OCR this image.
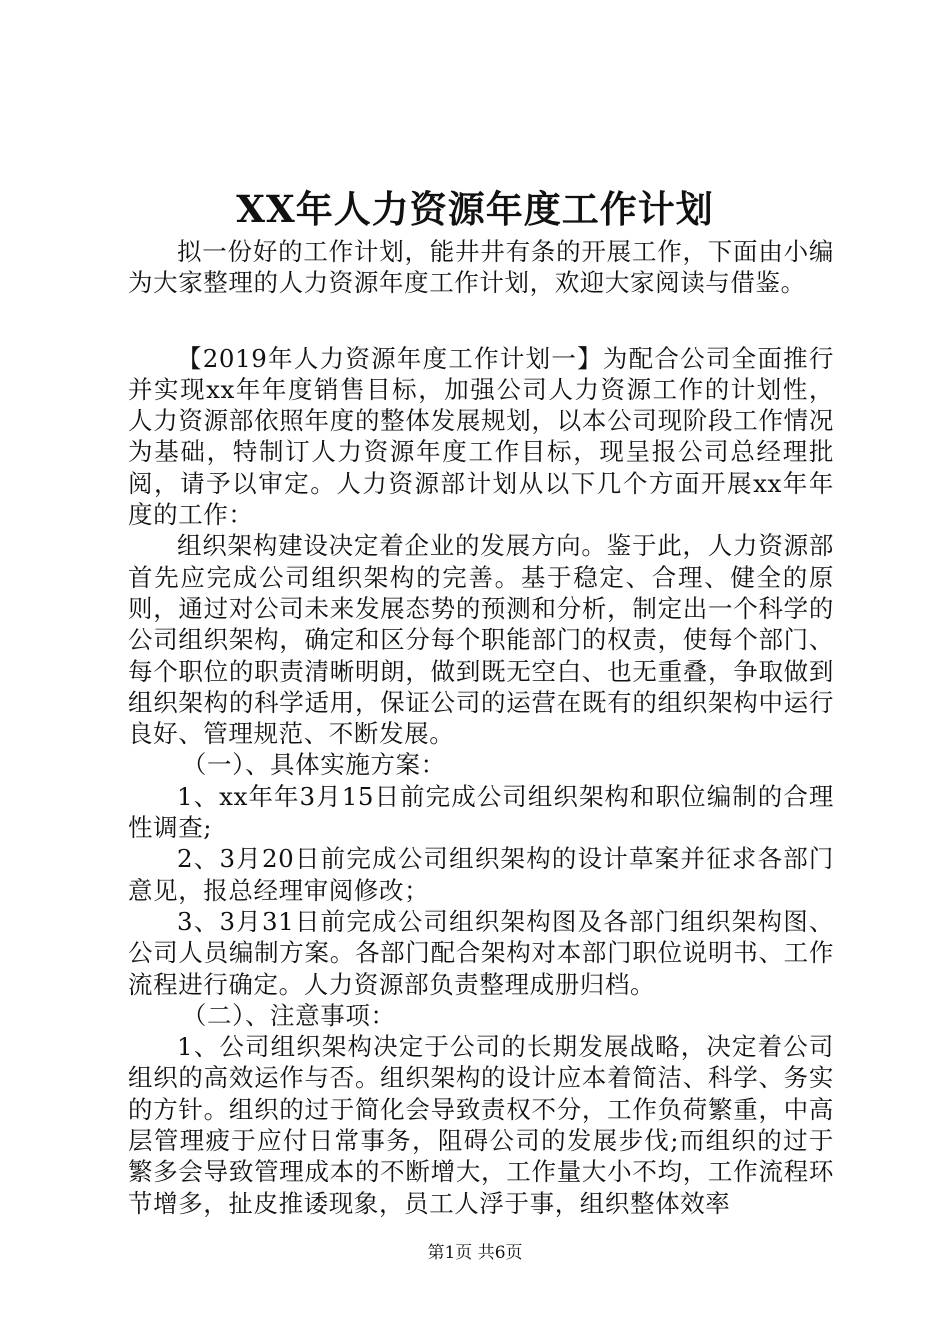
XX年人力资源年度工作计划

拟一份好的工作计划，能井井有条的开展工作，下面由小编为大家整理的人力资源年度工作计划，欢迎大家阅读与借鉴。

【2019年人力资源年度工作计划一】为配合公司全面推行并实现xx年年度销售目标，加强公司人力资源工作的计划性，人力资源部依照年度的整体发展规划，以本公司现阶段工作情况为基础，特制订人力资源年度工作目标，现呈报公司总经理批阅，请予以审定。人力资源部计划从以下几个方面开展xx年年度的工作：

组织架构建设决定着企业的发展方向。鉴于此，人力资源部首先应完成公司组织架构的完善。基于稳定、合理、健全的原则，通过对公司未来发展态势的预测和分析，制定出一个科学的公司组织架构，确定和区分每个职能部门的权责，使每个部门、每个职位的职责清晰明朗，做到既无空白、也无重叠，争取做到组织架构的科学适用，保证公司的运营在既有的组织架构中运行良好、管理规范、不断发展。

（一）、具体实施方案：

1、xx年年3月15日前完成公司组织架构和职位编制的合理性调查;

2、3月20日前完成公司组织架构的设计草案并征求各部门意见，报总经理审阅修改；

3、3月31日前完成公司组织架构图及各部门组织架构图、公司人员编制方案。各部门配合架构对本部门职位说明书、工作流程进行确定。人力资源部负责整理成册归档。

（二）、注意事项：

1、公司组织架构决定于公司的长期发展战略，决定着公司组织的高效运作与否。组织架构的设计应本着简洁、科学、务实的方针。组织的过于简化会导致责权不分，工作负荷繁重，中高层管理疲于应付日常事务，阻碍公司的发展步伐;而组织的过于繁多会导致管理成本的不断增大，工作量大小不均，工作流程环节增多，扯皮推诿现象，员工人浮于事，组织整体效率

第1页 共6页
